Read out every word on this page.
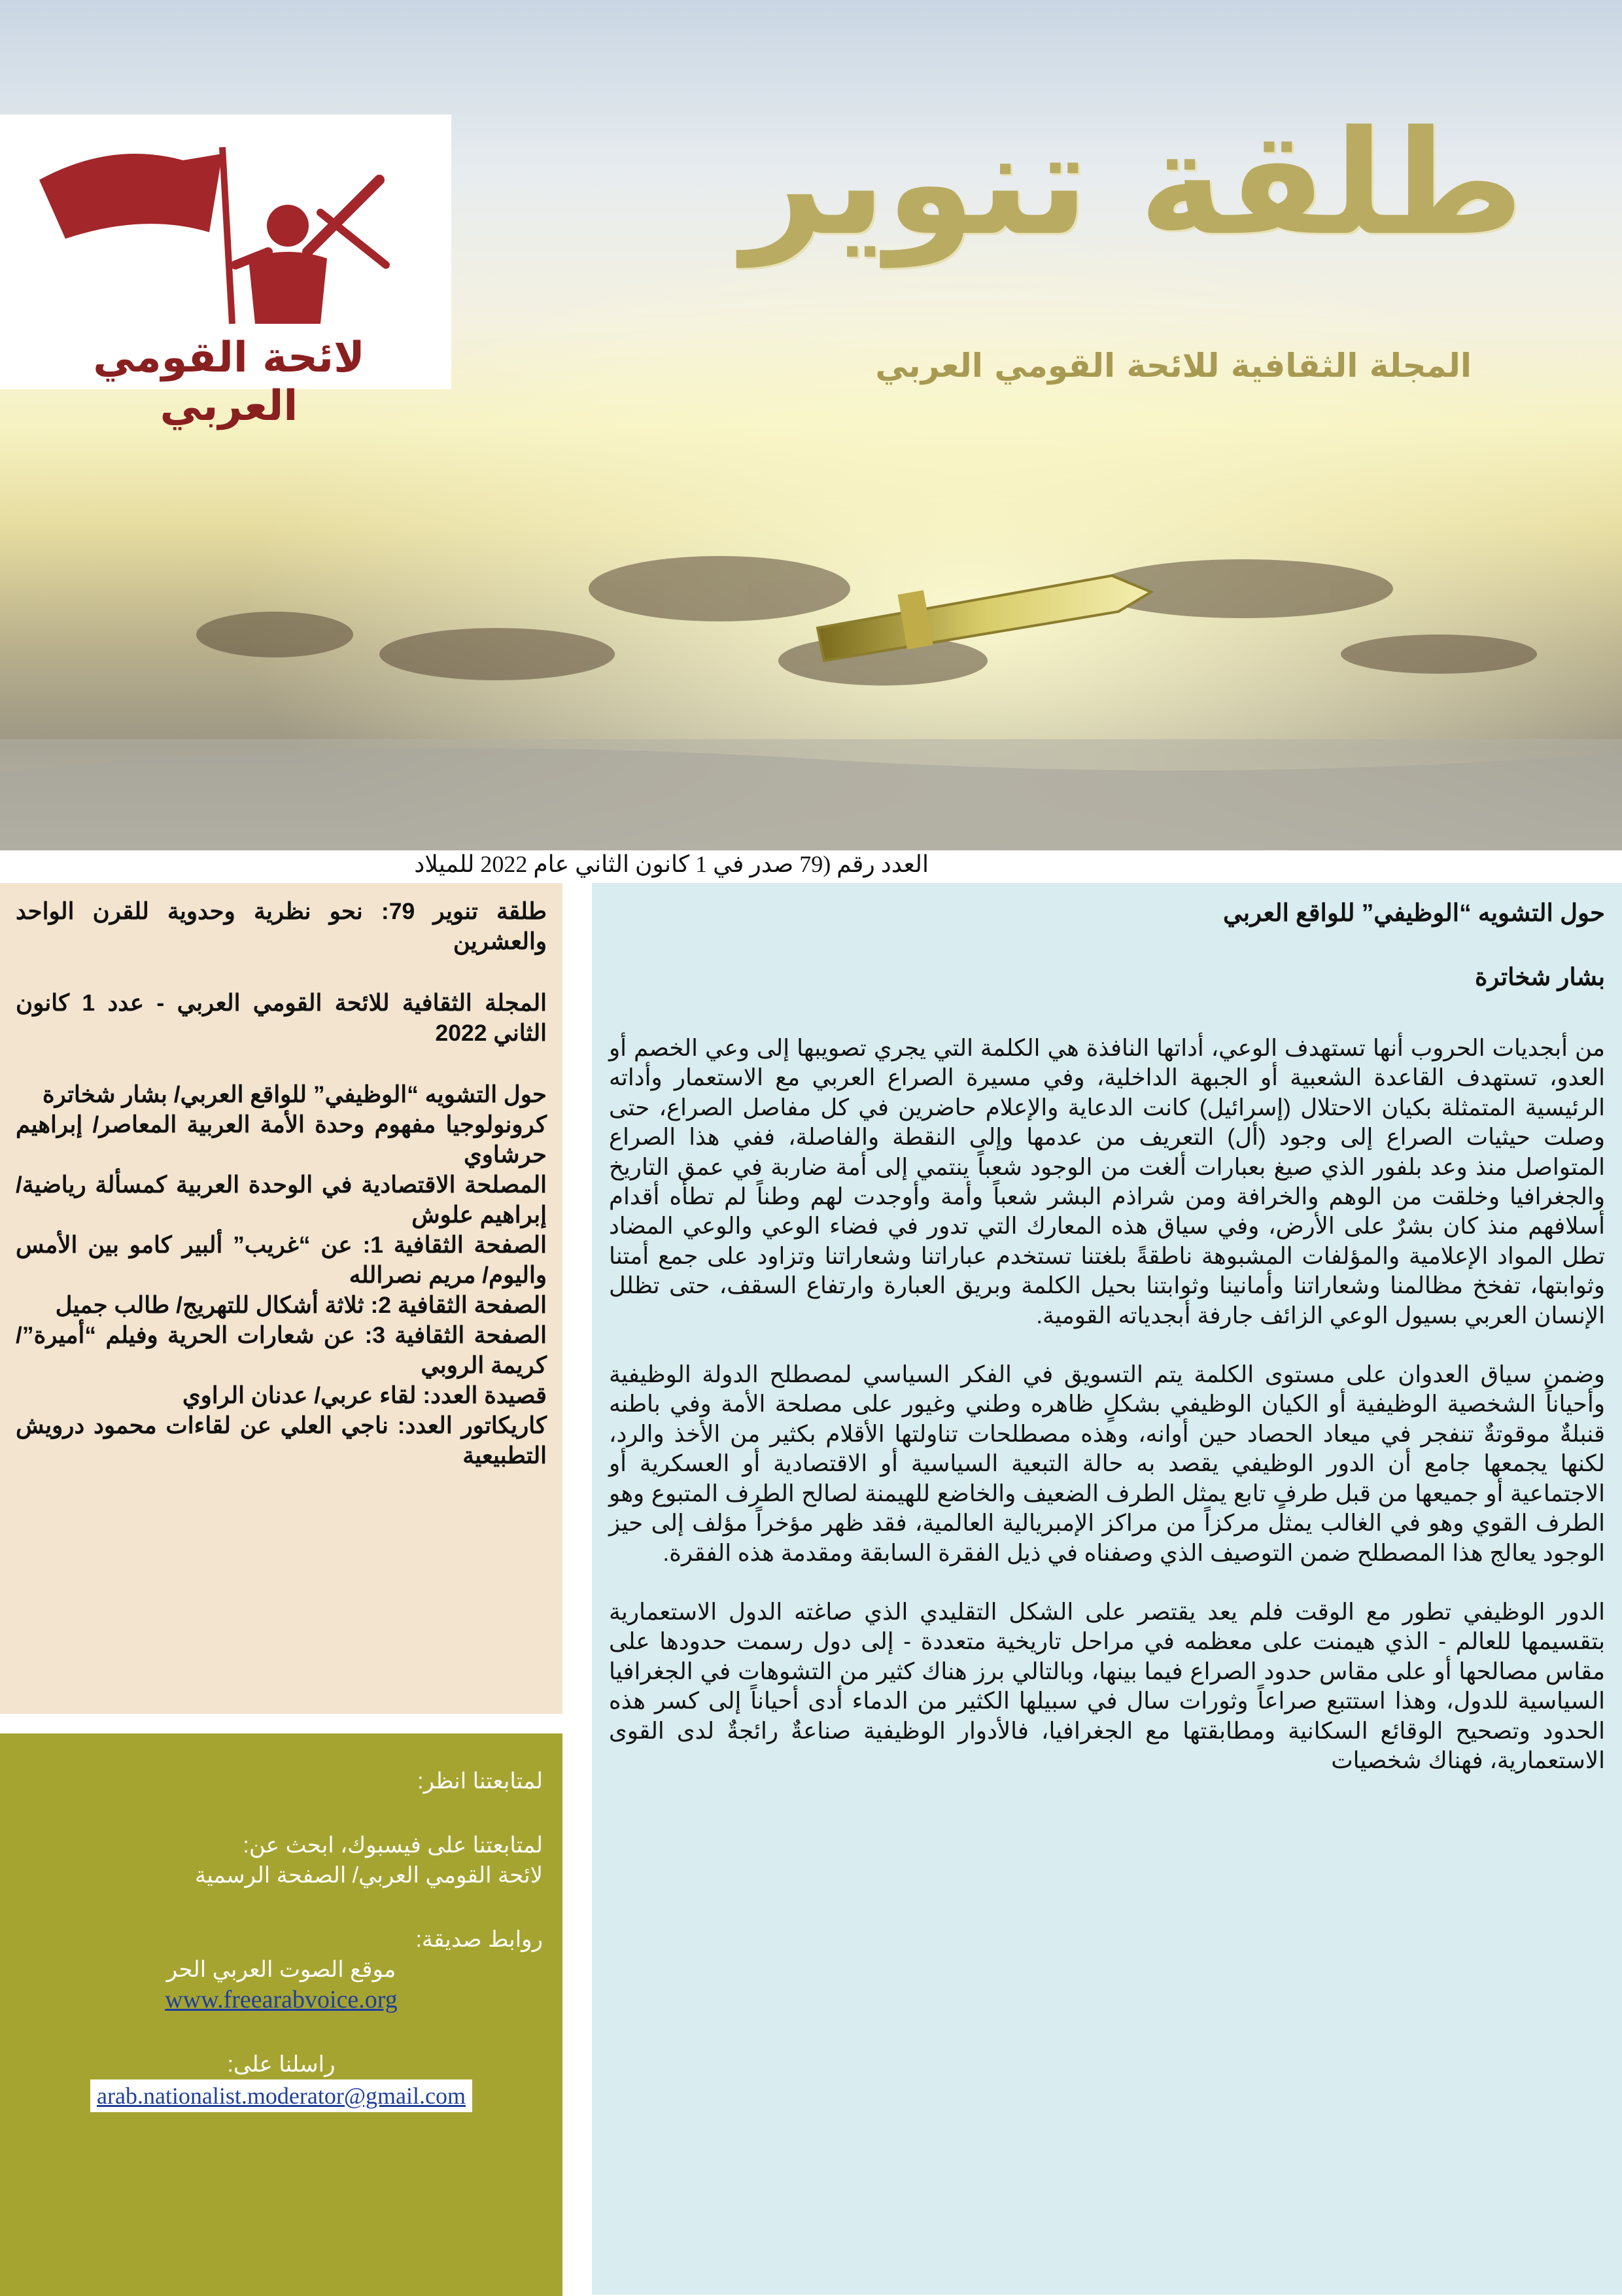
لائحة القومي العربي
طلقة تنوير
المجلة الثقافية للائحة القومي العربي
العدد رقم (79 صدر في 1 كانون الثاني عام 2022 للميلاد

طلقة تنوير 79: نحو نظرية وحدوية للقرن الواحد والعشرين

المجلة الثقافية للائحة القومي العربي - عدد 1 كانون الثاني 2022

حول التشويه “الوظيفي” للواقع العربي/ بشار شخاترة

كرونولوجيا مفهوم وحدة الأمة العربية المعاصر/ إبراهيم حرشاوي

المصلحة الاقتصادية في الوحدة العربية كمسألة رياضية/ إبراهيم علوش

الصفحة الثقافية 1: عن “غريب” ألبير كامو بين الأمس واليوم/ مريم نصرالله

الصفحة الثقافية 2: ثلاثة أشكال للتهريج/ طالب جميل

الصفحة الثقافية 3: عن شعارات الحرية وفيلم “أميرة”/ كريمة الروبي

قصيدة العدد: لقاء عربي/ عدنان الراوي

كاريكاتور العدد: ناجي العلي عن لقاءات محمود درويش التطبيعية

لمتابعتنا انظر:

لمتابعتنا على فيسبوك، ابحث عن:

لائحة القومي العربي/ الصفحة الرسمية

روابط صديقة:

موقع الصوت العربي الحر

www.freearabvoice.org

راسلنا على:

arab.nationalist.moderator@gmail.com

حول التشويه “الوظيفي” للواقع العربي
بشار شخاترة

من أبجديات الحروب أنها تستهدف الوعي، أداتها النافذة هي الكلمة التي يجري تصويبها إلى وعي الخصم أو العدو، تستهدف القاعدة الشعبية أو الجبهة الداخلية، وفي مسيرة الصراع العربي مع الاستعمار وأداته الرئيسية المتمثلة بكيان الاحتلال (إسرائيل) كانت الدعاية والإعلام حاضرين في كل مفاصل الصراع، حتى وصلت حيثيات الصراع إلى وجود (أل) التعريف من عدمها وإلى النقطة والفاصلة، ففي هذا الصراع المتواصل منذ وعد بلفور الذي صيغ بعبارات ألغت من الوجود شعباً ينتمي إلى أمة ضاربة في عمق التاريخ والجغرافيا وخلقت من الوهم والخرافة ومن شراذم البشر شعباً وأمة وأوجدت لهم وطناً لم تطأه أقدام أسلافهم منذ كان بشرٌ على الأرض، وفي سياق هذه المعارك التي تدور في فضاء الوعي والوعي المضاد تطل المواد الإعلامية والمؤلفات المشبوهة ناطقةً بلغتنا تستخدم عباراتنا وشعاراتنا وتزاود على جمع أمتنا وثوابتها، تفخخ مظالمنا وشعاراتنا وأمانينا وثوابتنا بحيل الكلمة وبريق العبارة وارتفاع السقف، حتى تظلل الإنسان العربي بسيول الوعي الزائف جارفة أبجدياته القومية.

وضمن سياق العدوان على مستوى الكلمة يتم التسويق في الفكر السياسي لمصطلح الدولة الوظيفية وأحياناً الشخصية الوظيفية أو الكيان الوظيفي بشكلٍ ظاهره وطني وغيور على مصلحة الأمة وفي باطنه قنبلةٌ موقوتةٌ تنفجر في ميعاد الحصاد حين أوانه، وهذه مصطلحات تناولتها الأقلام بكثير من الأخذ والرد، لكنها يجمعها جامع أن الدور الوظيفي يقصد به حالة التبعية السياسية أو الاقتصادية أو العسكرية أو الاجتماعية أو جميعها من قبل طرفٍ تابع يمثل الطرف الضعيف والخاضع للهيمنة لصالح الطرف المتبوع وهو الطرف القوي وهو في الغالب يمثل مركزاً من مراكز الإمبريالية العالمية، فقد ظهر مؤخراً مؤلف إلى حيز الوجود يعالج هذا المصطلح ضمن التوصيف الذي وصفناه في ذيل الفقرة السابقة ومقدمة هذه الفقرة.

الدور الوظيفي تطور مع الوقت فلم يعد يقتصر على الشكل التقليدي الذي صاغته الدول الاستعمارية بتقسيمها للعالم - الذي هيمنت على معظمه في مراحل تاريخية متعددة - إلى دول رسمت حدودها على مقاس مصالحها أو على مقاس حدود الصراع فيما بينها، وبالتالي برز هناك كثير من التشوهات في الجغرافيا السياسية للدول، وهذا استتبع صراعاً وثورات سال في سبيلها الكثير من الدماء أدى أحياناً إلى كسر هذه الحدود وتصحيح الوقائع السكانية ومطابقتها مع الجغرافيا، فالأدوار الوظيفية صناعةٌ رائجةٌ لدى القوى الاستعمارية، فهناك شخصيات
